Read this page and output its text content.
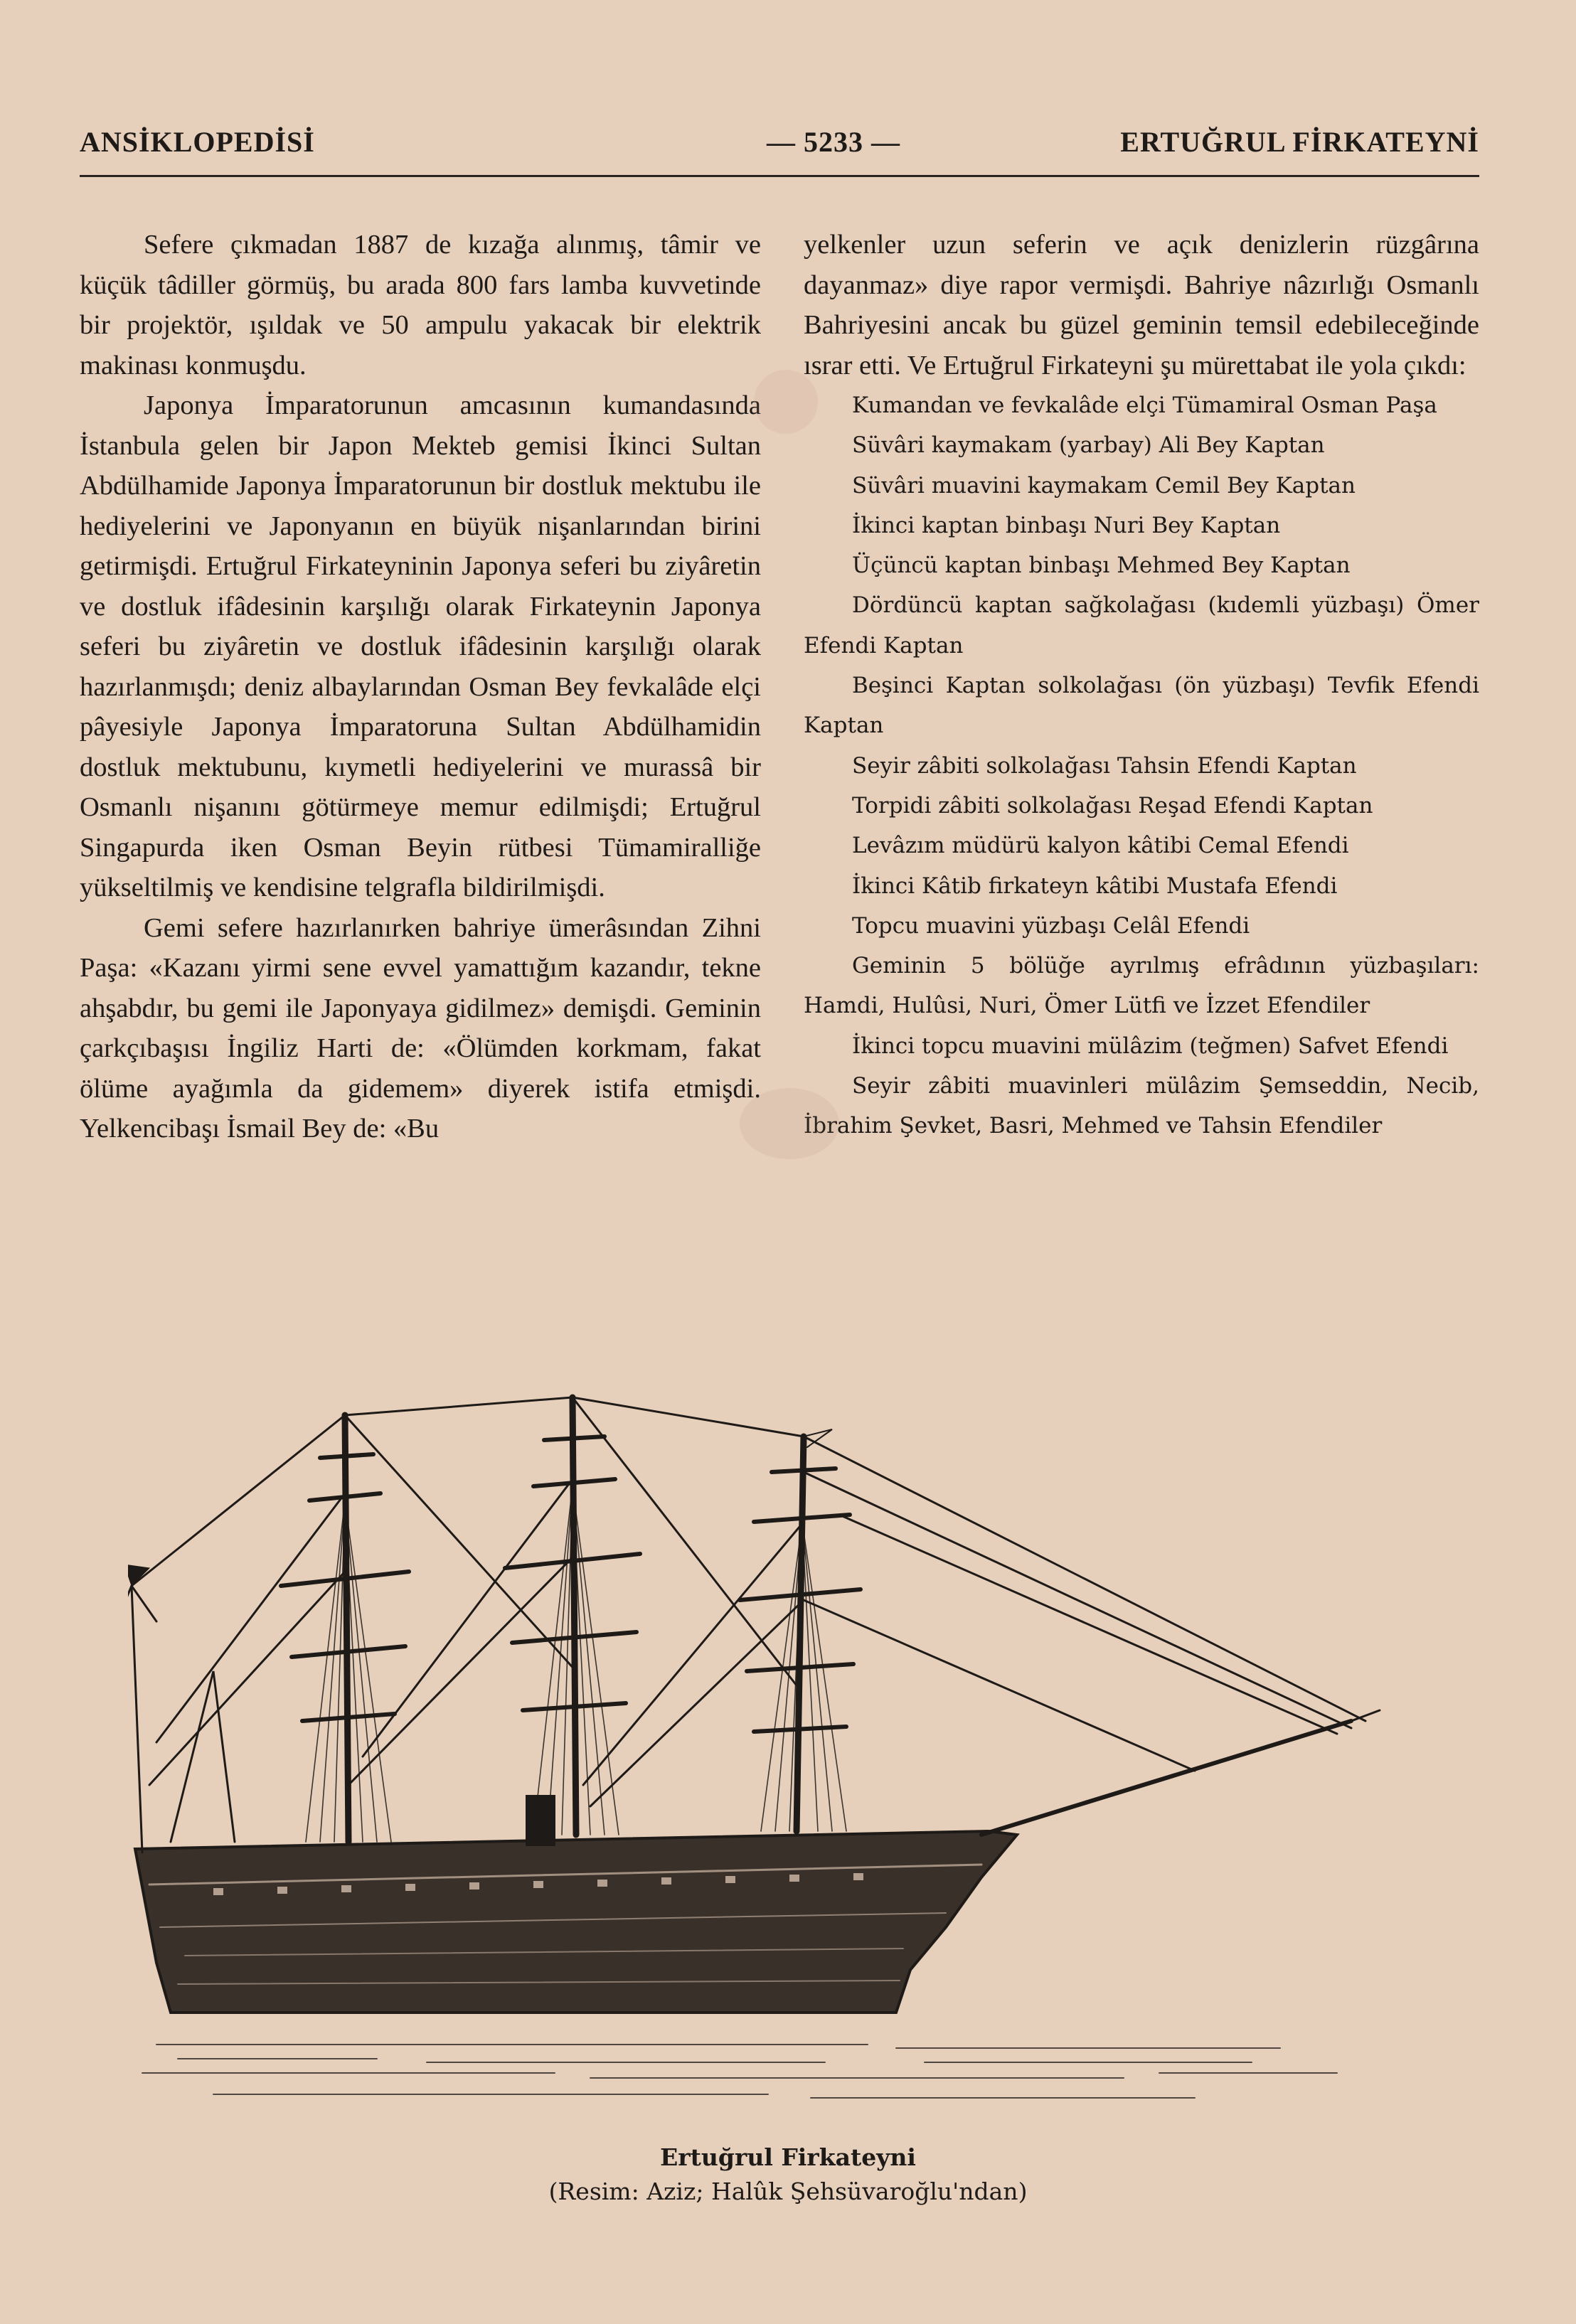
ANSİKLOPEDİSİ	— 5233 —	ERTUĞRUL FİRKATEYNİ

Sefere çıkmadan 1887 de kızağa alınmış, tâmir ve küçük tâdiller görmüş, bu arada 800 fars lamba kuvvetinde bir projektör, ışıldak ve 50 ampulu yakacak bir elektrik makinası konmuşdu.

Japonya İmparatorunun amcasının kumandasında İstanbula gelen bir Japon Mekteb gemisi İkinci Sultan Abdülhamide Japonya İmparatorunun bir dostluk mektubu ile hediyelerini ve Japonyanın en büyük nişanlarından birini getirmişdi. Ertuğrul Firkateyninin Japonya seferi bu ziyâretin ve dostluk ifâdesinin karşılığı olarak Firkateynin Japonya seferi bu ziyâretin ve dostluk ifâdesinin karşılığı olarak hazırlanmışdı; deniz albaylarından Osman Bey fevkalâde elçi pâyesiyle Japonya İmparatoruna Sultan Abdülhamidin dostluk mektubunu, kıymetli hediyelerini ve murassâ bir Osmanlı nişanını götürmeye memur edilmişdi; Ertuğrul Singapurda iken Osman Beyin rütbesi Tümamiralliğe yükseltilmiş ve kendisine telgrafla bildirilmişdi.

Gemi sefere hazırlanırken bahriye ümerâsından Zihni Paşa: «Kazanı yirmi sene evvel yamattığım kazandır, tekne ahşabdır, bu gemi ile Japonyaya gidilmez» demişdi. Geminin çarkçıbaşısı İngiliz Harti de: «Ölümden korkmam, fakat ölüme ayağımla da gidemem» diyerek istifa etmişdi. Yelkencibaşı İsmail Bey de: «Bu

yelkenler uzun seferin ve açık denizlerin rüzgârına dayanmaz» diye rapor vermişdi. Bahriye nâzırlığı Osmanlı Bahriyesini ancak bu güzel geminin temsil edebileceğinde ısrar etti. Ve Ertuğrul Firkateyni şu mürettabat ile yola çıkdı:

Kumandan ve fevkalâde elçi Tümamiral Osman Paşa
Süvâri kaymakam (yarbay) Ali Bey Kaptan
Süvâri muavini kaymakam Cemil Bey Kaptan
İkinci kaptan binbaşı Nuri Bey Kaptan
Üçüncü kaptan binbaşı Mehmed Bey Kaptan
Dördüncü kaptan sağkolağası (kıdemli yüzbaşı) Ömer Efendi Kaptan
Beşinci Kaptan solkolağası (ön yüzbaşı) Tevfik Efendi Kaptan
Seyir zâbiti solkolağası Tahsin Efendi Kaptan
Torpidi zâbiti solkolağası Reşad Efendi Kaptan
Levâzım müdürü kalyon kâtibi Cemal Efendi
İkinci Kâtib firkateyn kâtibi Mustafa Efendi
Topcu muavini yüzbaşı Celâl Efendi
Geminin 5 bölüğe ayrılmış efrâdının yüzbaşıları: Hamdi, Hulûsi, Nuri, Ömer Lütfi ve İzzet Efendiler
İkinci topcu muavini mülâzim (teğmen) Safvet Efendi
Seyir zâbiti muavinleri mülâzim Şemseddin, Necib, İbrahim Şevket, Basri, Mehmed ve Tahsin Efendiler
Ertuğrul Firkateyni
(Resim: Aziz; Halûk Şehsüvaroğlu'ndan)
